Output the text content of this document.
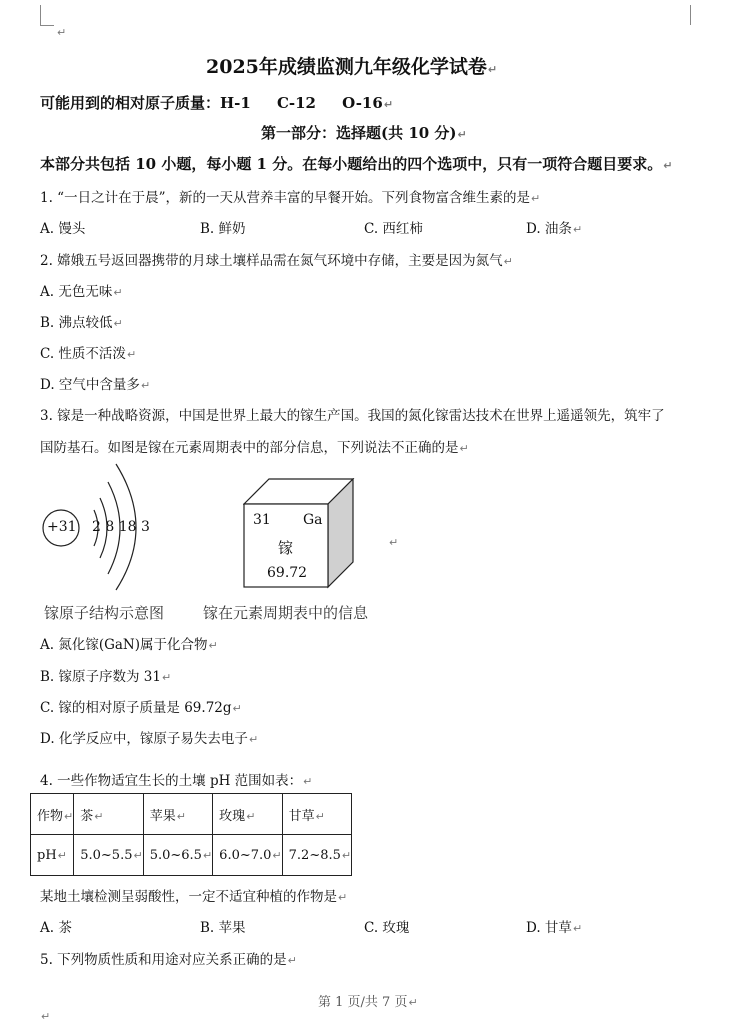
↵
2025年成绩监测九年级化学试卷↵
可能用到的相对原子质量：H-1     C-12     O-16↵
第一部分：选择题(共 10 分)↵
本部分共包括 10 小题，每小题 1 分。在每小题给出的四个选项中，只有一项符合题目要求。↵
1. “一日之计在于晨”，新的一天从营养丰富的早餐开始。下列食物富含维生素的是↵
A. 馒头	B. 鲜奶	C. 西红柿	D. 油条↵
2. 嫦娥五号返回器携带的月球土壤样品需在氮气环境中存储，主要是因为氮气↵
A. 无色无味↵
B. 沸点较低↵
C. 性质不活泼↵
D. 空气中含量多↵
3. 镓是一种战略资源，中国是世界上最大的镓生产国。我国的氮化镓雷达技术在世界上遥遥领先，筑牢了
国防基石。如图是镓在元素周期表中的部分信息，下列说法不正确的是↵
+31 2 8 18 3	31 Ga
镓
69.72
↵
镓原子结构示意图	镓在元素周期表中的信息
A. 氮化镓(GaN)属于化合物↵
B. 镓原子序数为 31↵
C. 镓的相对原子质量是 69.72g↵
D. 化学反应中，镓原子易失去电子↵
4. 一些作物适宜生长的土壤 pH 范围如表：↵
作物↵	茶↵	苹果↵	玫瑰↵	甘草↵
pH↵	5.0~5.5↵	5.0~6.5↵	6.0~7.0↵	7.2~8.5↵
某地土壤检测呈弱酸性，一定不适宜种植的作物是↵
A. 茶	B. 苹果	C. 玫瑰	D. 甘草↵
5. 下列物质性质和用途对应关系正确的是↵
第 1 页/共 7 页↵
↵
